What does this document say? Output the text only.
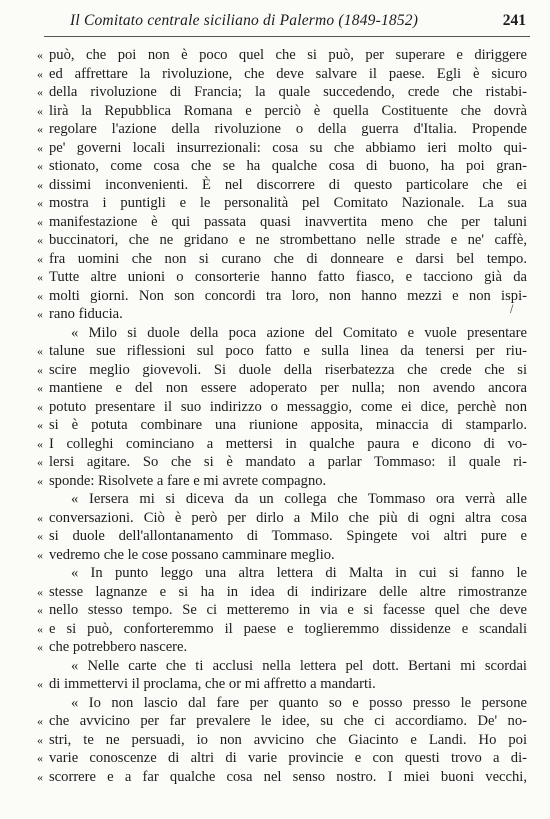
Il Comitato centrale siciliano di Palermo (1849-1852)	241
« può, che poi non è poco quel che si può, per superare e diriggere
« ed affrettare la rivoluzione, che deve salvare il paese. Egli è sicuro
« della rivoluzione di Francia; la quale succedendo, crede che ristabi-
« lirà la Repubblica Romana e perciò è quella Costituente che dovrà
« regolare l'azione della rivoluzione o della guerra d'Italia. Propende
« pe' governi locali insurrezionali: cosa su che abbiamo ieri molto qui-
« stionato, come cosa che se ha qualche cosa di buono, ha poi gran-
« dissimi inconvenienti. È nel discorrere di questo particolare che ei
« mostra i puntigli e le personalità pel Comitato Nazionale. La sua
« manifestazione è qui passata quasi inavvertita meno che per taluni
« buccinatori, che ne gridano e ne strombettano nelle strade e ne' caffè,
« fra uomini che non si curano che di donneare e darsi bel tempo.
« Tutte altre unioni o consorterie hanno fatto fiasco, e tacciono già da
« molti giorni. Non son concordi tra loro, non hanno mezzi e non ispi-
« rano fiducia.
« Milo si duole della poca azione del Comitato e vuole presentare
« talune sue riflessioni sul poco fatto e sulla linea da tenersi per riu-
« scire meglio giovevoli. Si duole della riserbatezza che crede che si
« mantiene e del non essere adoperato per nulla; non avendo ancora
« potuto presentare il suo indirizzo o messaggio, come ei dice, perchè non
« si è potuta combinare una riunione apposita, minaccia di stamparlo.
« I colleghi cominciano a mettersi in qualche paura e dicono di vo-
« lersi agitare. So che si è mandato a parlar Tommaso: il quale ri-
« sponde: Risolvete a fare e mi avrete compagno.
« Iersera mi si diceva da un collega che Tommaso ora verrà alle
« conversazioni. Ciò è però per dirlo a Milo che più di ogni altra cosa
« si duole dell'allontanamento di Tommaso. Spingete voi altri pure e
« vedremo che le cose possano camminare meglio.
« In punto leggo una altra lettera di Malta in cui si fanno le
« stesse lagnanze e si ha in idea di indirizare delle altre rimostranze
« nello stesso tempo. Se ci metteremo in via e si facesse quel che deve
« e si può, conforteremmo il paese e toglieremmo dissidenze e scandali
« che potrebbero nascere.
« Nelle carte che ti acclusi nella lettera pel dott. Bertani mi scordai
« di immettervi il proclama, che or mi affretto a mandarti.
« Io non lascio dal fare per quanto so e posso presso le persone
« che avvicino per far prevalere le idee, su che ci accordiamo. De' no-
« stri, te ne persuadi, io non avvicino che Giacinto e Landi. Ho poi
« varie conoscenze di altri di varie provincie e con questi trovo a di-
« scorrere e a far qualche cosa nel senso nostro. I miei buoni vecchi,
/
